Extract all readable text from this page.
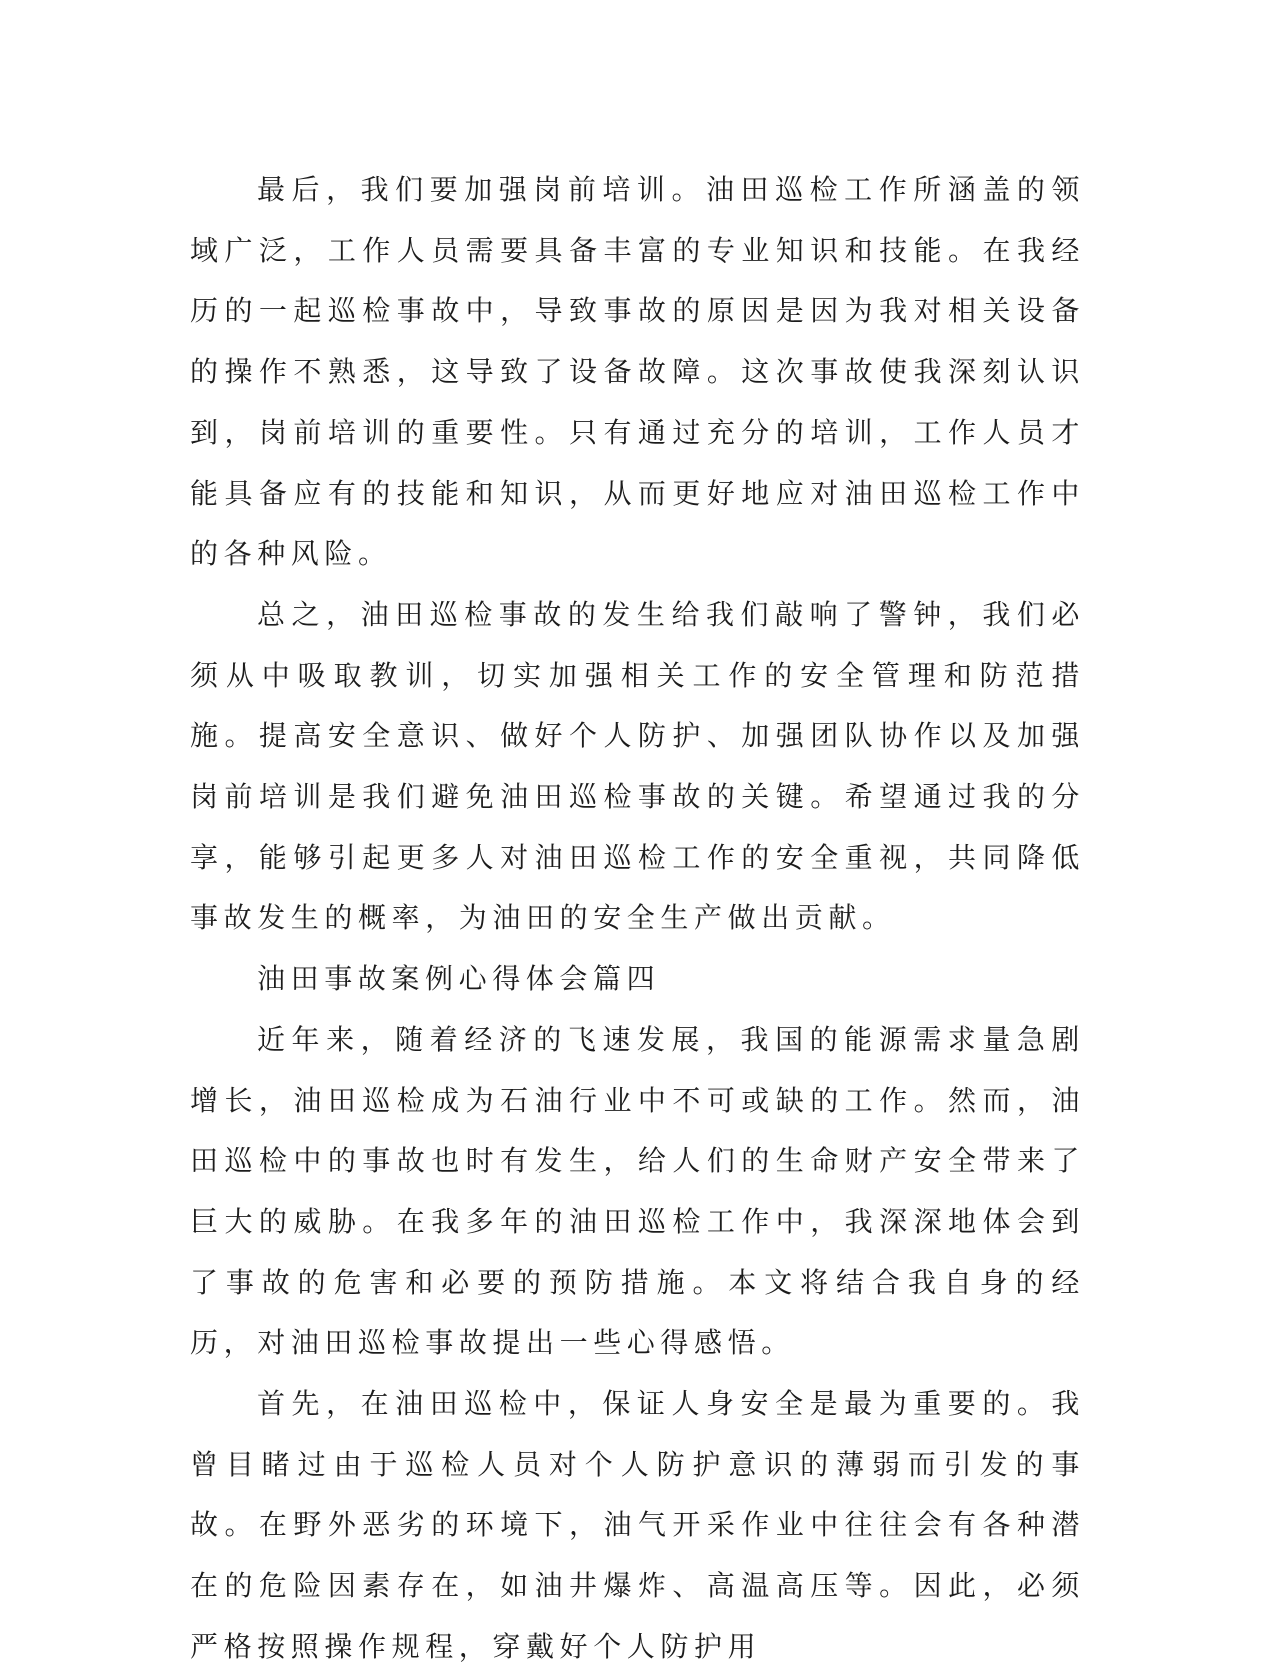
最后，我们要加强岗前培训。油田巡检工作所涵盖的领域广泛，工作人员需要具备丰富的专业知识和技能。在我经历的一起巡检事故中，导致事故的原因是因为我对相关设备的操作不熟悉，这导致了设备故障。这次事故使我深刻认识到，岗前培训的重要性。只有通过充分的培训，工作人员才能具备应有的技能和知识，从而更好地应对油田巡检工作中的各种风险。

总之，油田巡检事故的发生给我们敲响了警钟，我们必须从中吸取教训，切实加强相关工作的安全管理和防范措施。提高安全意识、做好个人防护、加强团队协作以及加强岗前培训是我们避免油田巡检事故的关键。希望通过我的分享，能够引起更多人对油田巡检工作的安全重视，共同降低事故发生的概率，为油田的安全生产做出贡献。

油田事故案例心得体会篇四

近年来，随着经济的飞速发展，我国的能源需求量急剧增长，油田巡检成为石油行业中不可或缺的工作。然而，油田巡检中的事故也时有发生，给人们的生命财产安全带来了巨大的威胁。在我多年的油田巡检工作中，我深深地体会到了事故的危害和必要的预防措施。本文将结合我自身的经历，对油田巡检事故提出一些心得感悟。

首先，在油田巡检中，保证人身安全是最为重要的。我曾目睹过由于巡检人员对个人防护意识的薄弱而引发的事故。在野外恶劣的环境下，油气开采作业中往往会有各种潜在的危险因素存在，如油井爆炸、高温高压等。因此，必须严格按照操作规程，穿戴好个人防护用
